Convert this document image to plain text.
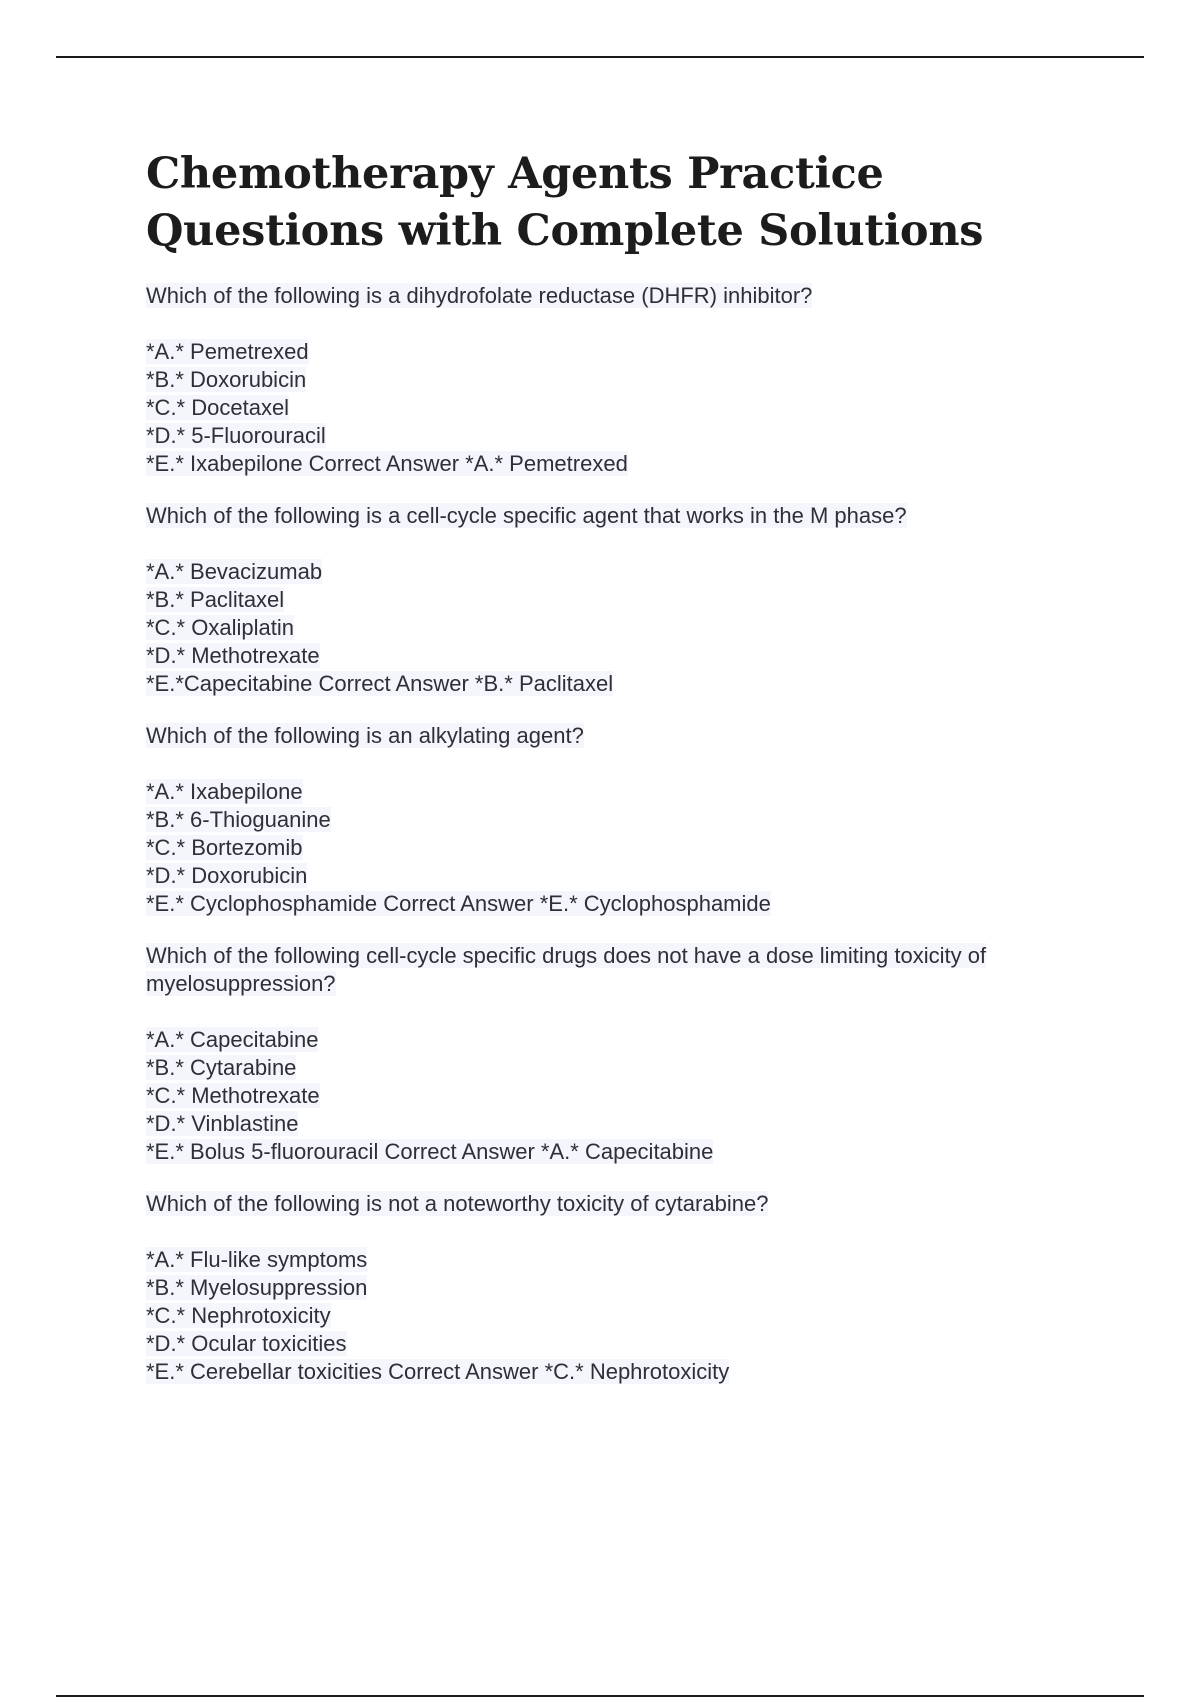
Chemotherapy Agents Practice Questions with Complete Solutions
Which of the following is a dihydrofolate reductase (DHFR) inhibitor?
*A.* Pemetrexed
*B.* Doxorubicin
*C.* Docetaxel
*D.* 5-Fluorouracil
*E.* Ixabepilone Correct Answer *A.* Pemetrexed
Which of the following is a cell-cycle specific agent that works in the M phase?
*A.* Bevacizumab
*B.* Paclitaxel
*C.* Oxaliplatin
*D.* Methotrexate
*E.*Capecitabine Correct Answer *B.* Paclitaxel
Which of the following is an alkylating agent?
*A.* Ixabepilone
*B.* 6-Thioguanine
*C.* Bortezomib
*D.* Doxorubicin
*E.* Cyclophosphamide Correct Answer *E.* Cyclophosphamide
Which of the following cell-cycle specific drugs does not have a dose limiting toxicity of myelosuppression?
*A.* Capecitabine
*B.* Cytarabine
*C.* Methotrexate
*D.* Vinblastine
*E.* Bolus 5-fluorouracil Correct Answer *A.* Capecitabine
Which of the following is not a noteworthy toxicity of cytarabine?
*A.* Flu-like symptoms
*B.* Myelosuppression
*C.* Nephrotoxicity
*D.* Ocular toxicities
*E.* Cerebellar toxicities Correct Answer *C.* Nephrotoxicity
